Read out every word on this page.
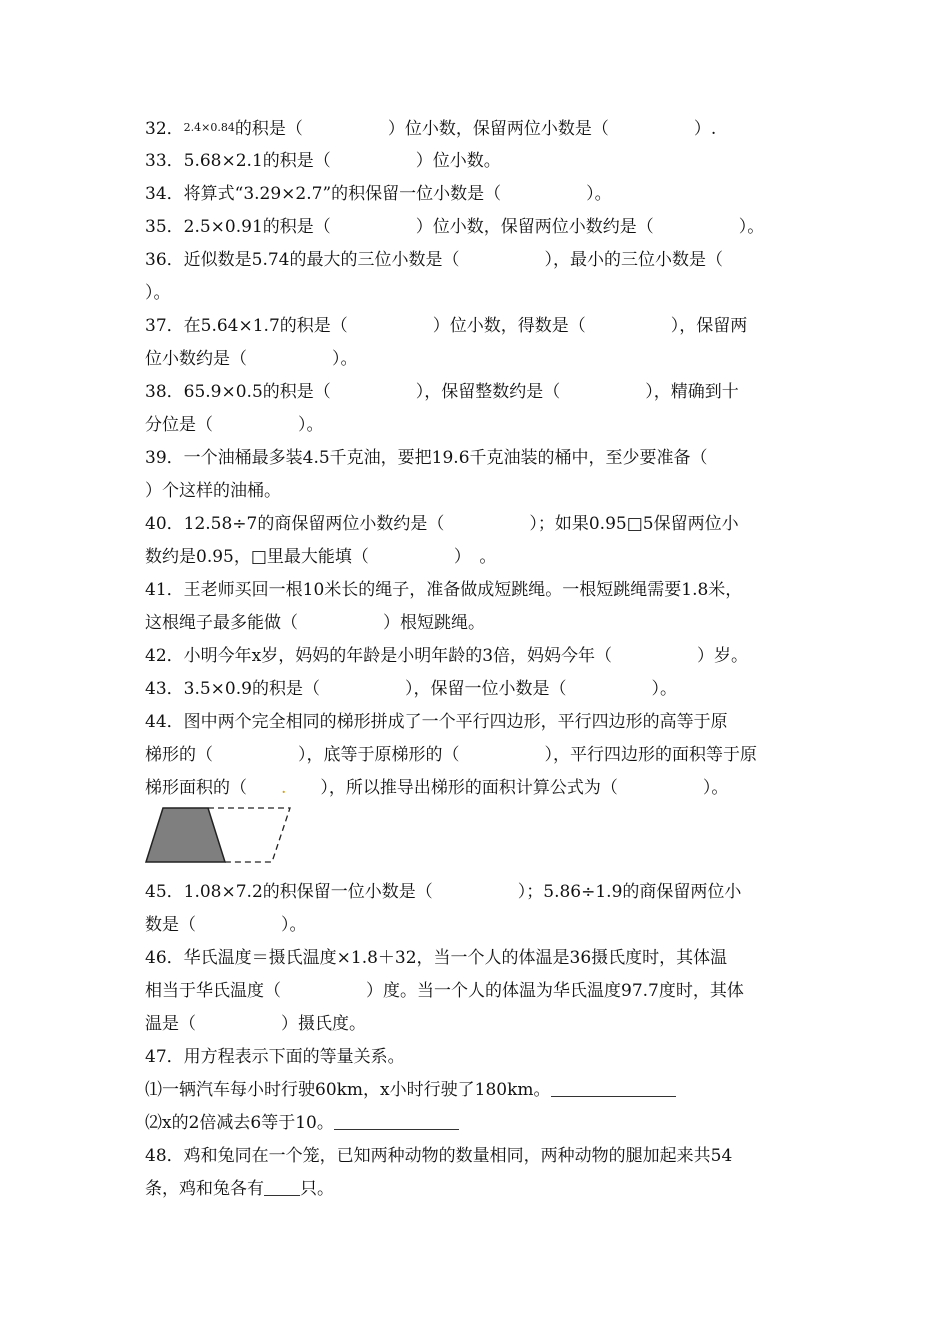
32．2.4×0.84的积是（　　　　　）位小数，保留两位小数是（　　　　　）.
33．5.68×2.1的积是（　　　　　）位小数。
34．将算式“3.29×2.7”的积保留一位小数是（　　　　　）。
35．2.5×0.91的积是（　　　　　）位小数，保留两位小数约是（　　　　　）。
36．近似数是5.74的最大的三位小数是（　　　　　），最小的三位小数是（
）。
37．在5.64×1.7的积是（　　　　　）位小数，得数是（　　　　　），保留两
位小数约是（　　　　　）。
38．65.9×0.5的积是（　　　　　），保留整数约是（　　　　　），精确到十
分位是（　　　　　）。
39．一个油桶最多装4.5千克油，要把19.6千克油装的桶中，至少要准备（
）个这样的油桶。
40．12.58÷7的商保留两位小数约是（　　　　　）；如果0.95□5保留两位小
数约是0.95，□里最大能填（　　　　　）　。
41．王老师买回一根10米长的绳子，准备做成短跳绳。一根短跳绳需要1.8米，
这根绳子最多能做（　　　　　）根短跳绳。
42．小明今年x岁，妈妈的年龄是小明年龄的3倍，妈妈今年（　　　　　）岁。
43．3.5×0.9的积是（　　　　　），保留一位小数是（　　　　　）。
44．图中两个完全相同的梯形拼成了一个平行四边形，平行四边形的高等于原
梯形的（　　　　　），底等于原梯形的（　　　　　），平行四边形的面积等于原
梯形面积的（　　.　　），所以推导出梯形的面积计算公式为（　　　　　）。
45．1.08×7.2的积保留一位小数是（　　　　　）；5.86÷1.9的商保留两位小
数是（　　　　　）。
46．华氏温度＝摄氏温度×1.8＋32，当一个人的体温是36摄氏度时，其体温
相当于华氏温度（　　　　　）度。当一个人的体温为华氏温度97.7度时，其体
温是（　　　　　）摄氏度。
47．用方程表示下面的等量关系。
⑴一辆汽车每小时行驶60km，x小时行驶了180km。
⑵x的2倍减去6等于10。
48．鸡和兔同在一个笼，已知两种动物的数量相同，两种动物的腿加起来共54
条，鸡和兔各有 只。
